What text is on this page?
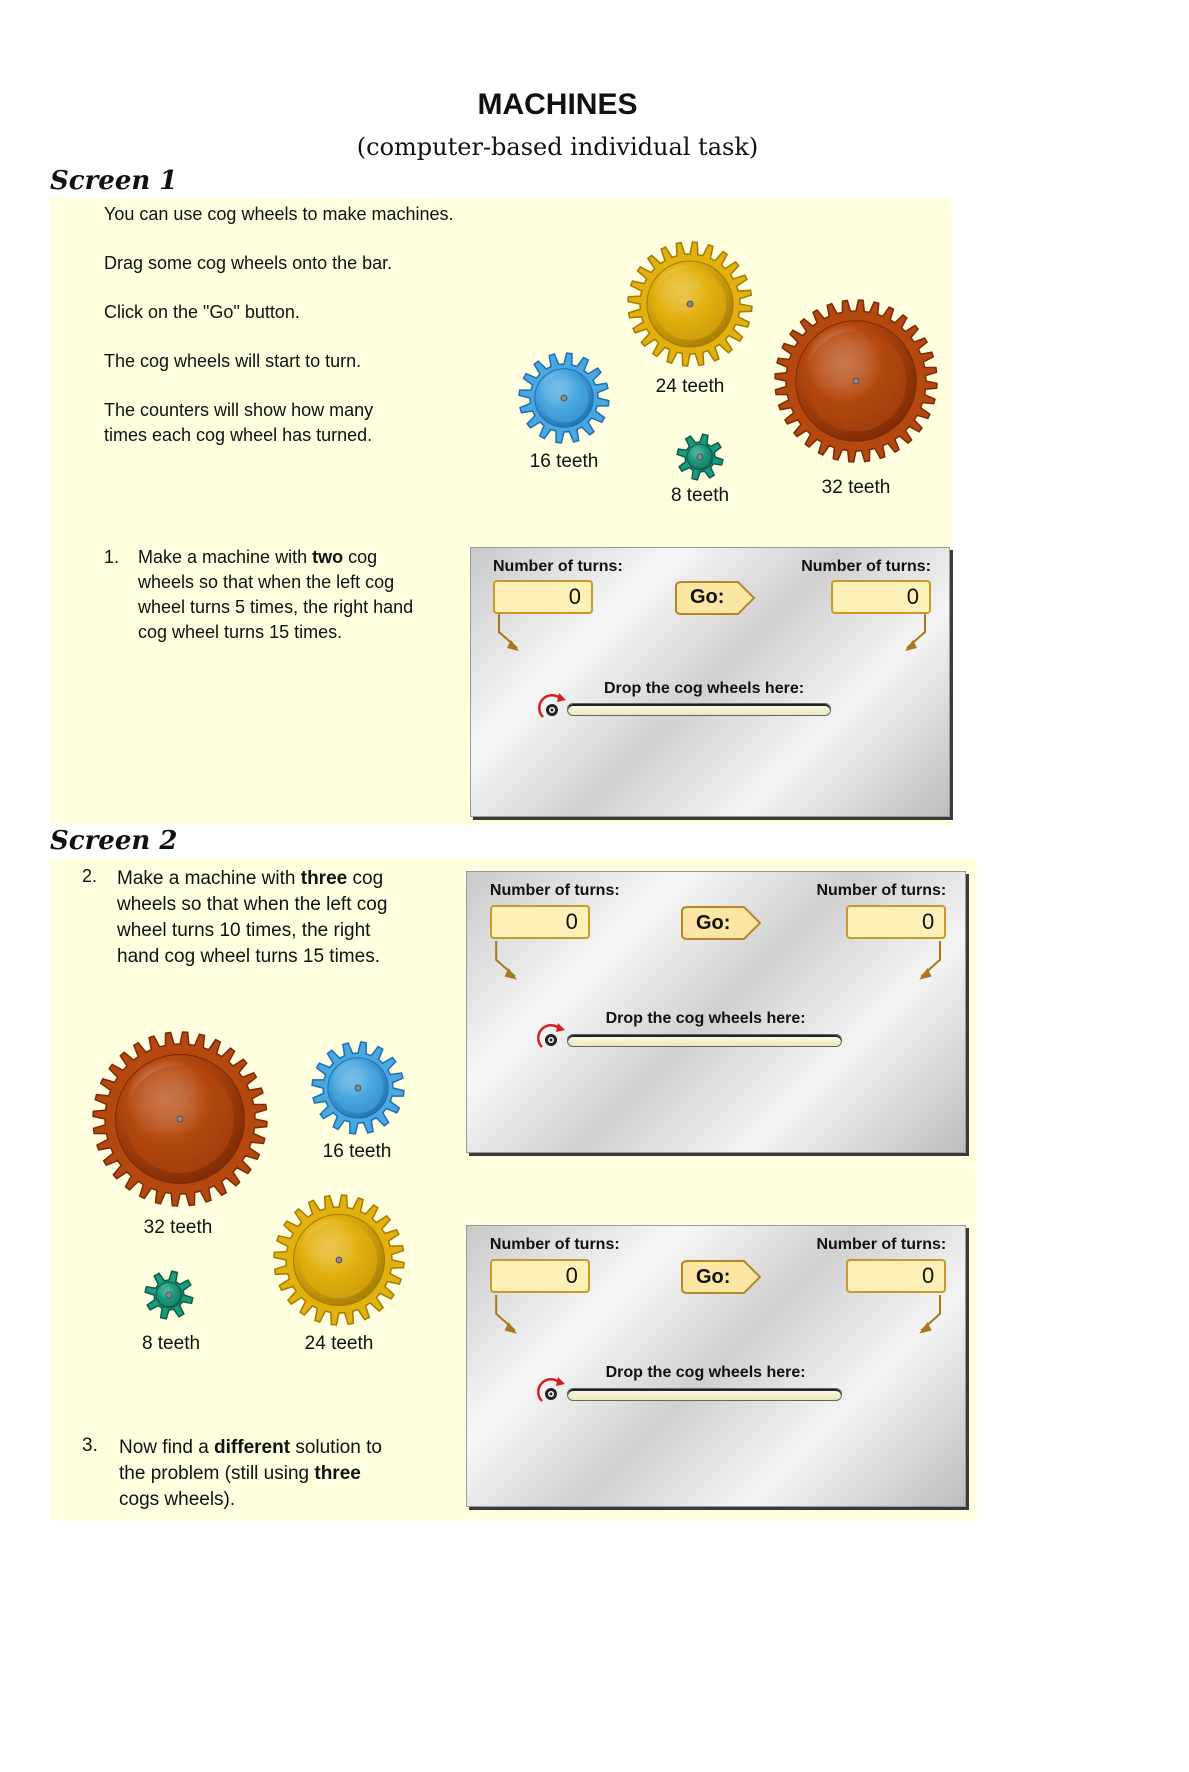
MACHINES
(computer-based individual task)
Screen 1
You can use cog wheels to make machines.
Drag some cog wheels onto the bar.
Click on the "Go" button.
The cog wheels will start to turn.
The counters will show how many
times each cog wheel has turned.
16 teeth
24 teeth
8 teeth	32 teeth
1. Make a machine with two cog
wheels so that when the left cog
wheel turns 5 times, the right hand
cog wheel turns 15 times.
Number of turns:	Number of turns:
0	0
Go:
Drop the cog wheels here:
Screen 2
2. Make a machine with three cog
wheels so that when the left cog
wheel turns 10 times, the right
hand cog wheel turns 15 times.
32 teeth
16 teeth
8 teeth	24 teeth
3. Now find a different solution to
the problem (still using three
cogs wheels).
Number of turns:	Number of turns:
0	0
Go:
Drop the cog wheels here:
Number of turns:	Number of turns:
0	0
Go:
Drop the cog wheels here:
